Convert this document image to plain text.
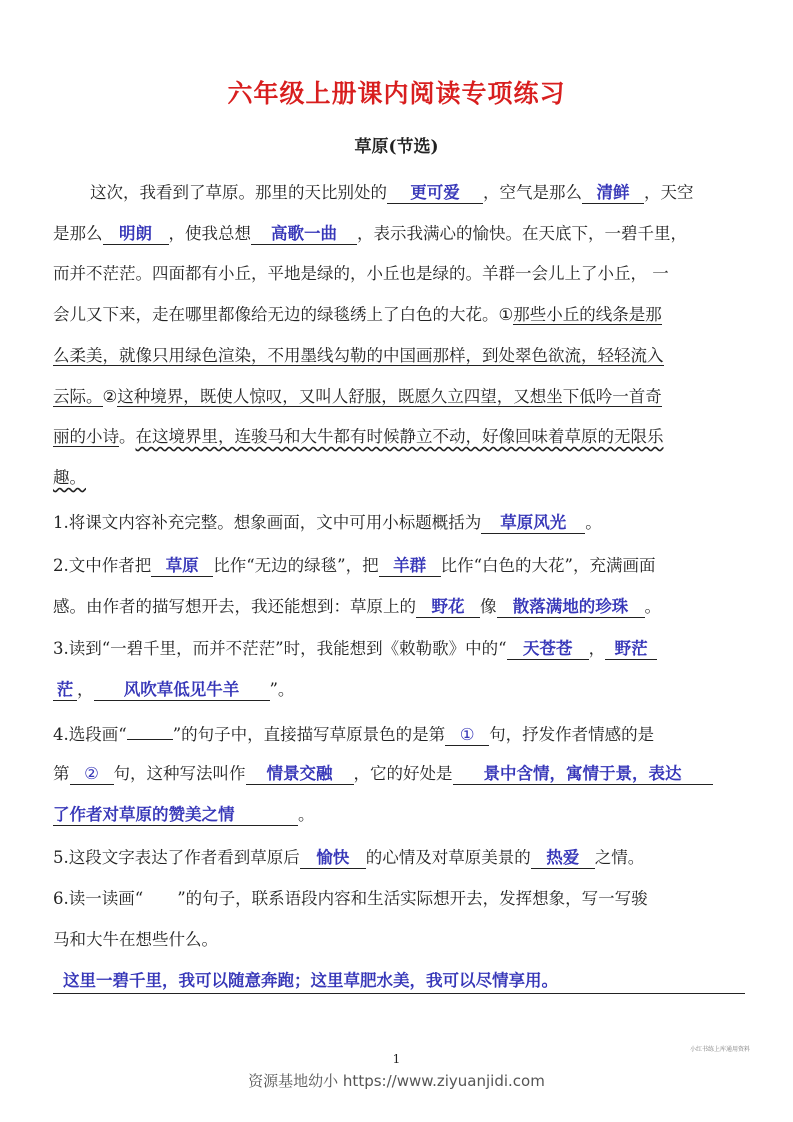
六年级上册课内阅读专项练习
草原(节选)
这次，我看到了草原。那里的天比别处的 更可爱 ，空气是那么 清鲜 ，天空
是那么 明朗 ，使我总想 高歌一曲 ，表示我满心的愉快。在天底下，一碧千里，
而并不茫茫。四面都有小丘，平地是绿的，小丘也是绿的。羊群一会儿上了小丘， 一
会儿又下来，走在哪里都像给无边的绿毯绣上了白色的大花。①那些小丘的线条是那
么柔美，就像只用绿色渲染，不用墨线勾勒的中国画那样，到处翠色欲流，轻轻流入
云际。②这种境界，既使人惊叹，又叫人舒服，既愿久立四望，又想坐下低吟一首奇
丽的小诗。在这境界里，连骏马和大牛都有时候静立不动，好像回味着草原的无限乐
趣。
1.将课文内容补充完整。想象画面，文中可用小标题概括为 草原风光 。
2.文中作者把 草原 比作“无边的绿毯”，把 羊群 比作“白色的大花”，充满画面
感。由作者的描写想开去，我还能想到：草原上的 野花 像 散落满地的珍珠 。
3.读到“一碧千里，而并不茫茫”时，我能想到《敕勒歌》中的“ 天苍苍 ， 野茫
茫 ， 风吹草低见牛羊 ”。
4.选段画“	”的句子中，直接描写草原景色的是第 ① 句，抒发作者情感的是
第 ② 句，这种写法叫作 情景交融 ，它的好处是 景中含情，寓情于景，表达
了作者对草原的赞美之情	。
5.这段文字表达了作者看到草原后 愉快 的心情及对草原美景的 热爱 之情。
6.读一读画“ ”的句子，联系语段内容和生活实际想开去，发挥想象，写一写骏
马和大牛在想些什么。
这里一碧千里，我可以随意奔跑；这里草肥水美，我可以尽情享用。
小红书练上库通用资料
1
资源基地幼小 https://www.ziyuanjidi.com
